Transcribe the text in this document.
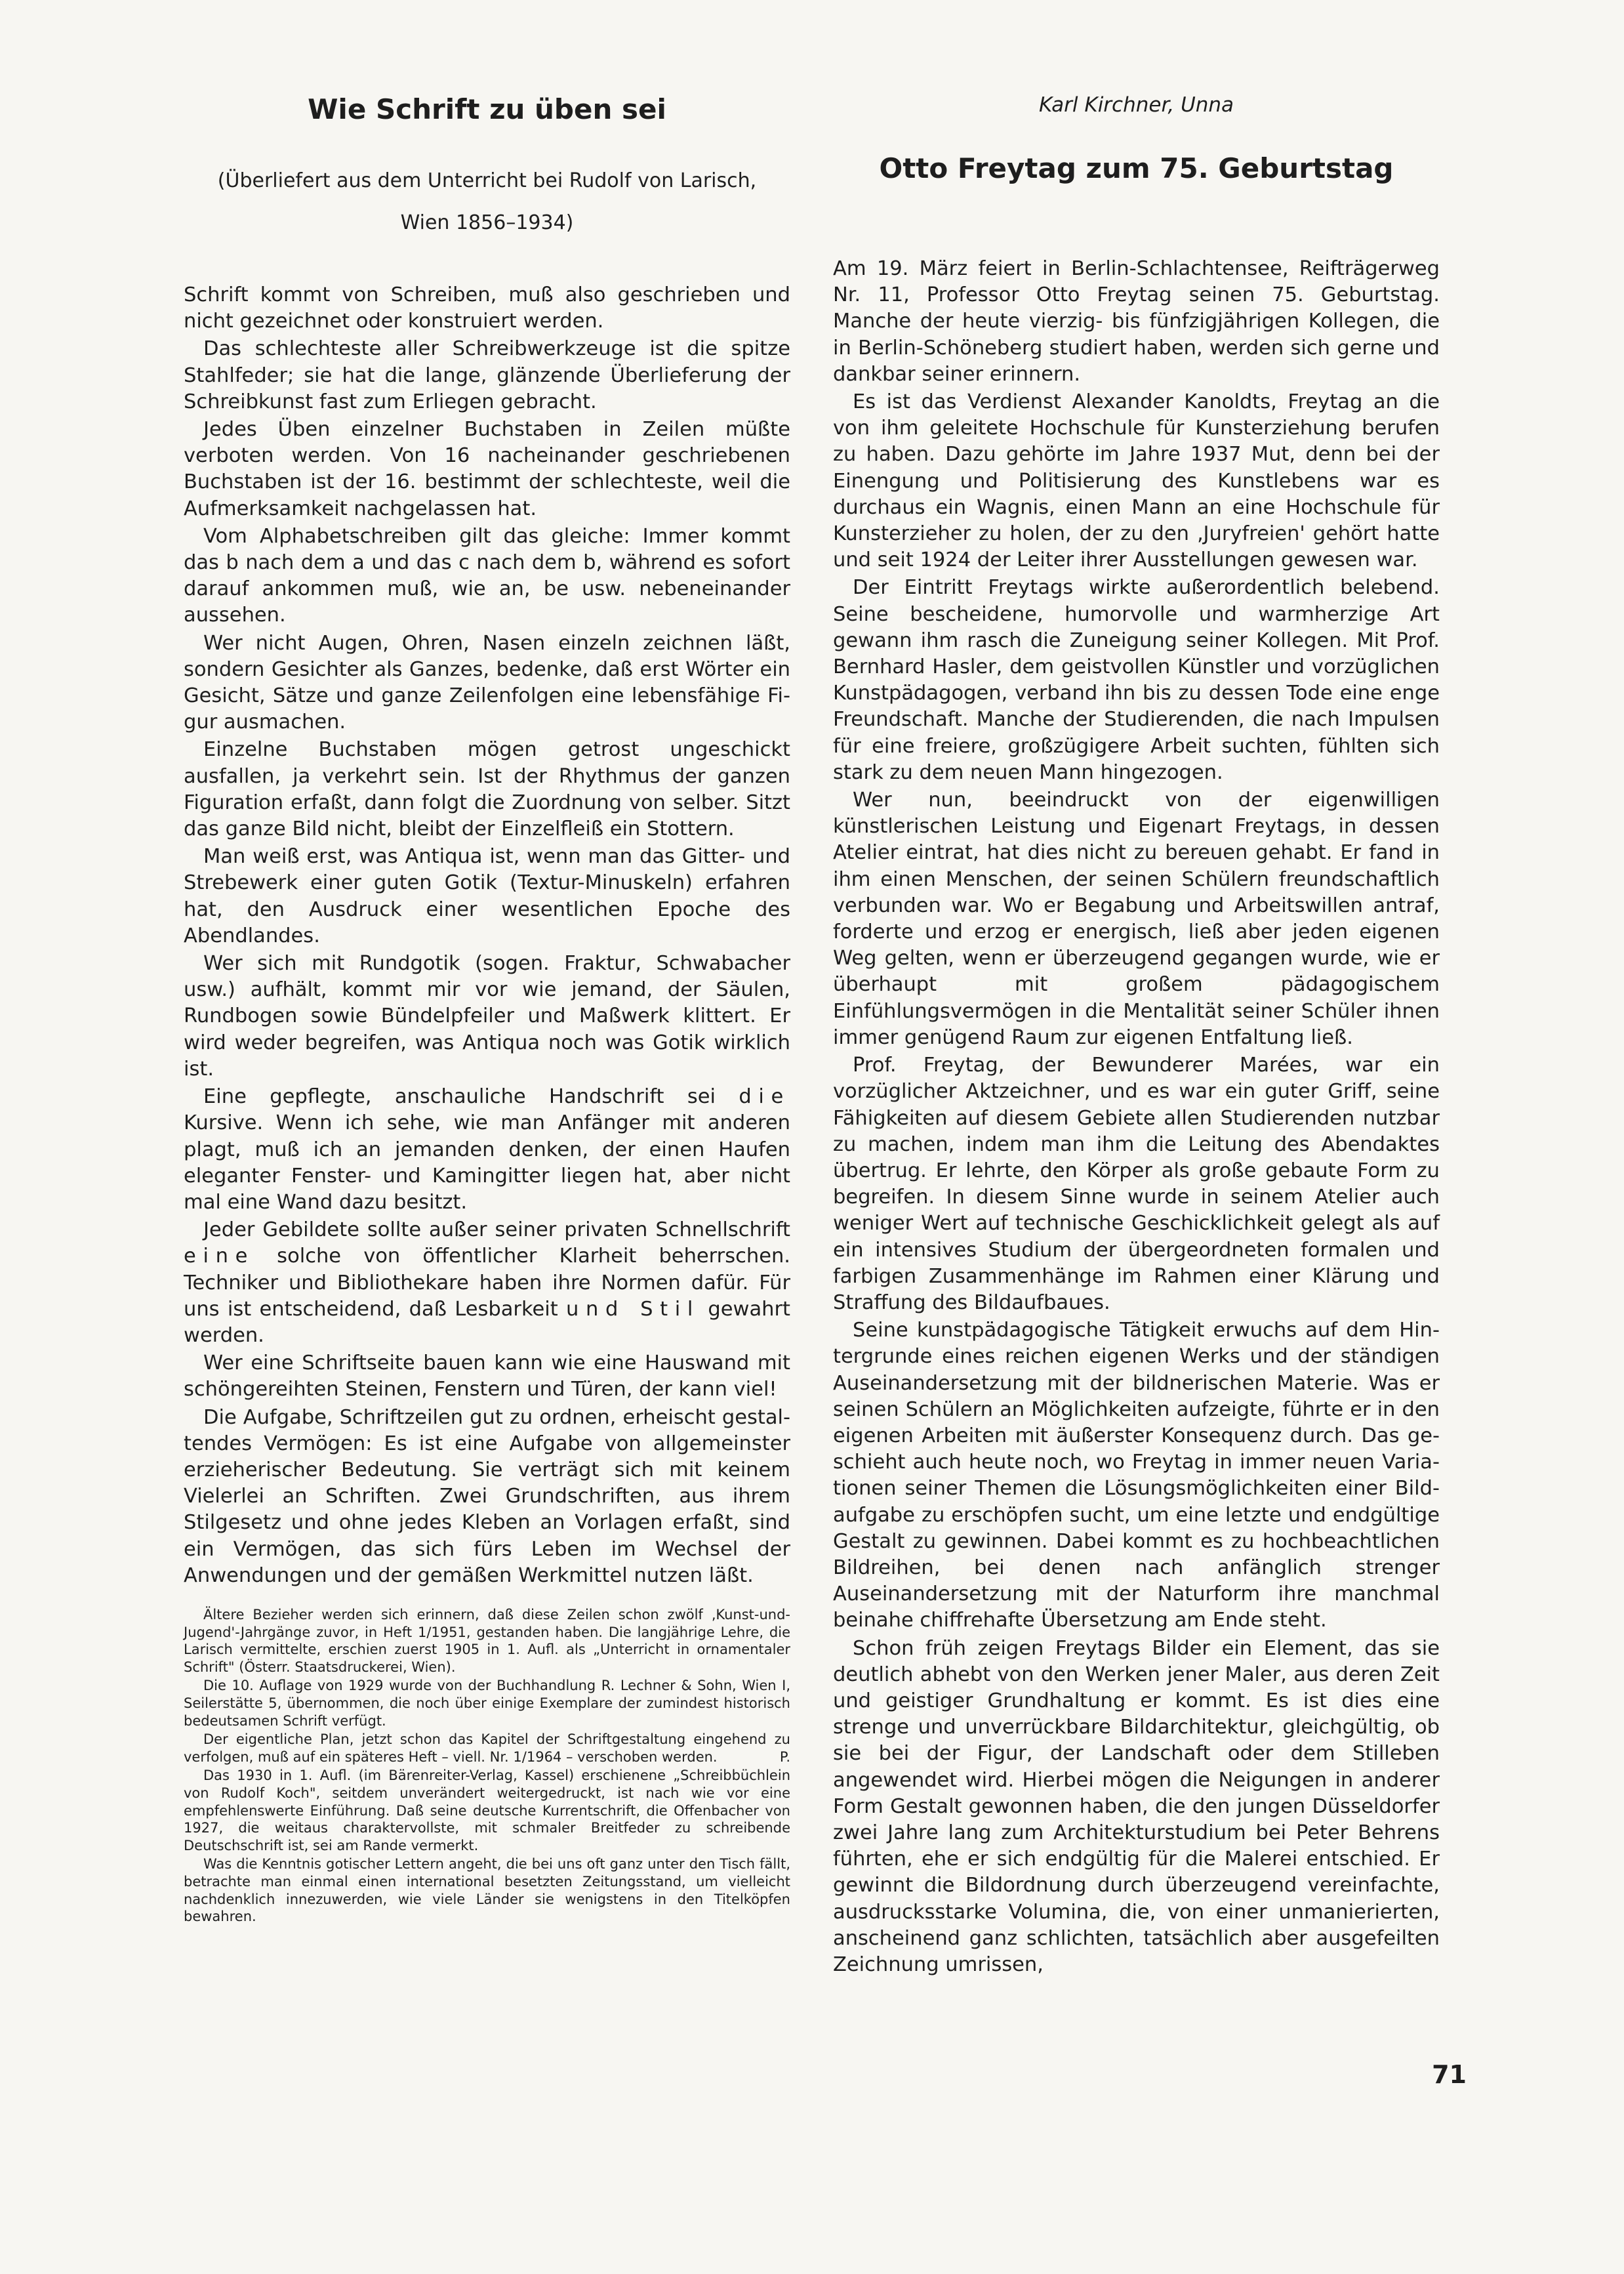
Wie Schrift zu üben sei

(Überliefert aus dem Unterricht bei Rudolf von Larisch,

Wien 1856–1934)

Schrift kommt von Schreiben, muß also geschrieben und nicht gezeichnet oder konstruiert werden.

Das schlechteste aller Schreibwerkzeuge ist die spitze Stahlfeder; sie hat die lange, glänzende Überlieferung der Schreibkunst fast zum Erliegen gebracht.

Jedes Üben einzelner Buchstaben in Zeilen müßte verboten werden. Von 16 nacheinander geschriebenen Buchstaben ist der 16. bestimmt der schlechteste, weil die Aufmerksamkeit nachgelassen hat.

Vom Alphabetschreiben gilt das gleiche: Immer kommt das b nach dem a und das c nach dem b, während es sofort darauf ankommen muß, wie an, be usw. nebeneinander aussehen.

Wer nicht Augen, Ohren, Nasen einzeln zeichnen läßt, sondern Gesichter als Ganzes, bedenke, daß erst Wörter ein Gesicht, Sätze und ganze Zeilenfolgen eine lebensfähige Figur ausmachen.

Einzelne Buchstaben mögen getrost ungeschickt ausfallen, ja verkehrt sein. Ist der Rhythmus der ganzen Figuration erfaßt, dann folgt die Zuordnung von selber. Sitzt das ganze Bild nicht, bleibt der Einzelfleiß ein Stottern.

Man weiß erst, was Antiqua ist, wenn man das Gitter- und Strebewerk einer guten Gotik (Textur-Minuskeln) erfahren hat, den Ausdruck einer wesentlichen Epoche des Abendlandes.

Wer sich mit Rundgotik (sogen. Fraktur, Schwabacher usw.) aufhält, kommt mir vor wie jemand, der Säulen, Rundbogen sowie Bündelpfeiler und Maßwerk klittert. Er wird weder begreifen, was Antiqua noch was Gotik wirklich ist.

Eine gepflegte, anschauliche Handschrift sei die Kursive. Wenn ich sehe, wie man Anfänger mit anderen plagt, muß ich an jemanden denken, der einen Haufen eleganter Fenster- und Kamingitter liegen hat, aber nicht mal eine Wand dazu besitzt.

Jeder Gebildete sollte außer seiner privaten Schnellschrift eine solche von öffentlicher Klarheit beherrschen. Techniker und Bibliothekare haben ihre Normen dafür. Für uns ist entscheidend, daß Lesbarkeit und Stil gewahrt werden.

Wer eine Schriftseite bauen kann wie eine Hauswand mit schöngereihten Steinen, Fenstern und Türen, der kann viel!

Die Aufgabe, Schriftzeilen gut zu ordnen, erheischt gestaltendes Vermögen: Es ist eine Aufgabe von allgemeinster erzieherischer Bedeutung. Sie verträgt sich mit keinem Vielerlei an Schriften. Zwei Grundschriften, aus ihrem Stilgesetz und ohne jedes Kleben an Vorlagen erfaßt, sind ein Vermögen, das sich fürs Leben im Wechsel der Anwendungen und der gemäßen Werkmittel nutzen läßt.

Ältere Bezieher werden sich erinnern, daß diese Zeilen schon zwölf ‚Kunst-und-Jugend'-Jahrgänge zuvor, in Heft 1/1951, gestanden haben. Die langjährige Lehre, die Larisch vermittelte, erschien zuerst 1905 in 1. Aufl. als „Unterricht in ornamentaler Schrift" (Österr. Staatsdruckerei, Wien).

Die 10. Auflage von 1929 wurde von der Buchhandlung R. Lechner & Sohn, Wien I, Seilerstätte 5, übernommen, die noch über einige Exemplare der zumindest historisch bedeutsamen Schrift verfügt.

Der eigentliche Plan, jetzt schon das Kapitel der Schriftgestaltung eingehend zu verfolgen, muß auf ein späteres Heft – viell. Nr. 1/1964 – verschoben werden.	P.

Das 1930 in 1. Aufl. (im Bärenreiter-Verlag, Kassel) erschienene „Schreibbüchlein von Rudolf Koch", seitdem unverändert weitergedruckt, ist nach wie vor eine empfehlenswerte Einführung. Daß seine deutsche Kurrentschrift, die Offenbacher von 1927, die weitaus charaktervollste, mit schmaler Breitfeder zu schreibende Deutschschrift ist, sei am Rande vermerkt.

Was die Kenntnis gotischer Lettern angeht, die bei uns oft ganz unter den Tisch fällt, betrachte man einmal einen international besetzten Zeitungsstand, um vielleicht nachdenklich innezuwerden, wie viele Länder sie wenigstens in den Titelköpfen bewahren.

Karl Kirchner, Unna

Otto Freytag zum 75. Geburtstag

Am 19. März feiert in Berlin-Schlachtensee, Reifträgerweg Nr. 11, Professor Otto Freytag seinen 75. Geburtstag. Manche der heute vierzig- bis fünfzigjährigen Kollegen, die in Berlin-Schöneberg studiert haben, werden sich gerne und dankbar seiner erinnern.

Es ist das Verdienst Alexander Kanoldts, Freytag an die von ihm geleitete Hochschule für Kunsterziehung berufen zu haben. Dazu gehörte im Jahre 1937 Mut, denn bei der Einengung und Politisierung des Kunstlebens war es durchaus ein Wagnis, einen Mann an eine Hochschule für Kunsterzieher zu holen, der zu den ‚Juryfreien' gehört hatte und seit 1924 der Leiter ihrer Ausstellungen gewesen war.

Der Eintritt Freytags wirkte außerordentlich belebend. Seine bescheidene, humorvolle und warmherzige Art gewann ihm rasch die Zuneigung seiner Kollegen. Mit Prof. Bernhard Hasler, dem geistvollen Künstler und vorzüglichen Kunstpädagogen, verband ihn bis zu dessen Tode eine enge Freundschaft. Manche der Studierenden, die nach Impulsen für eine freiere, großzügigere Arbeit suchten, fühlten sich stark zu dem neuen Mann hingezogen.

Wer nun, beeindruckt von der eigenwilligen künstlerischen Leistung und Eigenart Freytags, in dessen Atelier eintrat, hat dies nicht zu bereuen gehabt. Er fand in ihm einen Menschen, der seinen Schülern freundschaftlich verbunden war. Wo er Begabung und Arbeitswillen antraf, forderte und erzog er energisch, ließ aber jeden eigenen Weg gelten, wenn er überzeugend gegangen wurde, wie er überhaupt mit großem pädagogischem Einfühlungsvermögen in die Mentalität seiner Schüler ihnen immer genügend Raum zur eigenen Entfaltung ließ.

Prof. Freytag, der Bewunderer Marées, war ein vorzüglicher Aktzeichner, und es war ein guter Griff, seine Fähigkeiten auf diesem Gebiete allen Studierenden nutzbar zu machen, indem man ihm die Leitung des Abendaktes übertrug. Er lehrte, den Körper als große gebaute Form zu begreifen. In diesem Sinne wurde in seinem Atelier auch weniger Wert auf technische Geschicklichkeit gelegt als auf ein intensives Studium der übergeordneten formalen und farbigen Zusammenhänge im Rahmen einer Klärung und Straffung des Bildaufbaues.

Seine kunstpädagogische Tätigkeit erwuchs auf dem Hintergrunde eines reichen eigenen Werks und der ständigen Auseinandersetzung mit der bildnerischen Materie. Was er seinen Schülern an Möglichkeiten aufzeigte, führte er in den eigenen Arbeiten mit äußerster Konsequenz durch. Das geschieht auch heute noch, wo Freytag in immer neuen Variationen seiner Themen die Lösungsmöglichkeiten einer Bildaufgabe zu erschöpfen sucht, um eine letzte und endgültige Gestalt zu gewinnen. Dabei kommt es zu hochbeachtlichen Bildreihen, bei denen nach anfänglich strenger Auseinandersetzung mit der Naturform ihre manchmal beinahe chiffrehafte Übersetzung am Ende steht.

Schon früh zeigen Freytags Bilder ein Element, das sie deutlich abhebt von den Werken jener Maler, aus deren Zeit und geistiger Grundhaltung er kommt. Es ist dies eine strenge und unverrückbare Bildarchitektur, gleichgültig, ob sie bei der Figur, der Landschaft oder dem Stilleben angewendet wird. Hierbei mögen die Neigungen in anderer Form Gestalt gewonnen haben, die den jungen Düsseldorfer zwei Jahre lang zum Architekturstudium bei Peter Behrens führten, ehe er sich endgültig für die Malerei entschied. Er gewinnt die Bildordnung durch überzeugend vereinfachte, ausdrucksstarke Volumina, die, von einer unmanierierten, anscheinend ganz schlichten, tatsächlich aber ausgefeilten Zeichnung umrissen,

71
